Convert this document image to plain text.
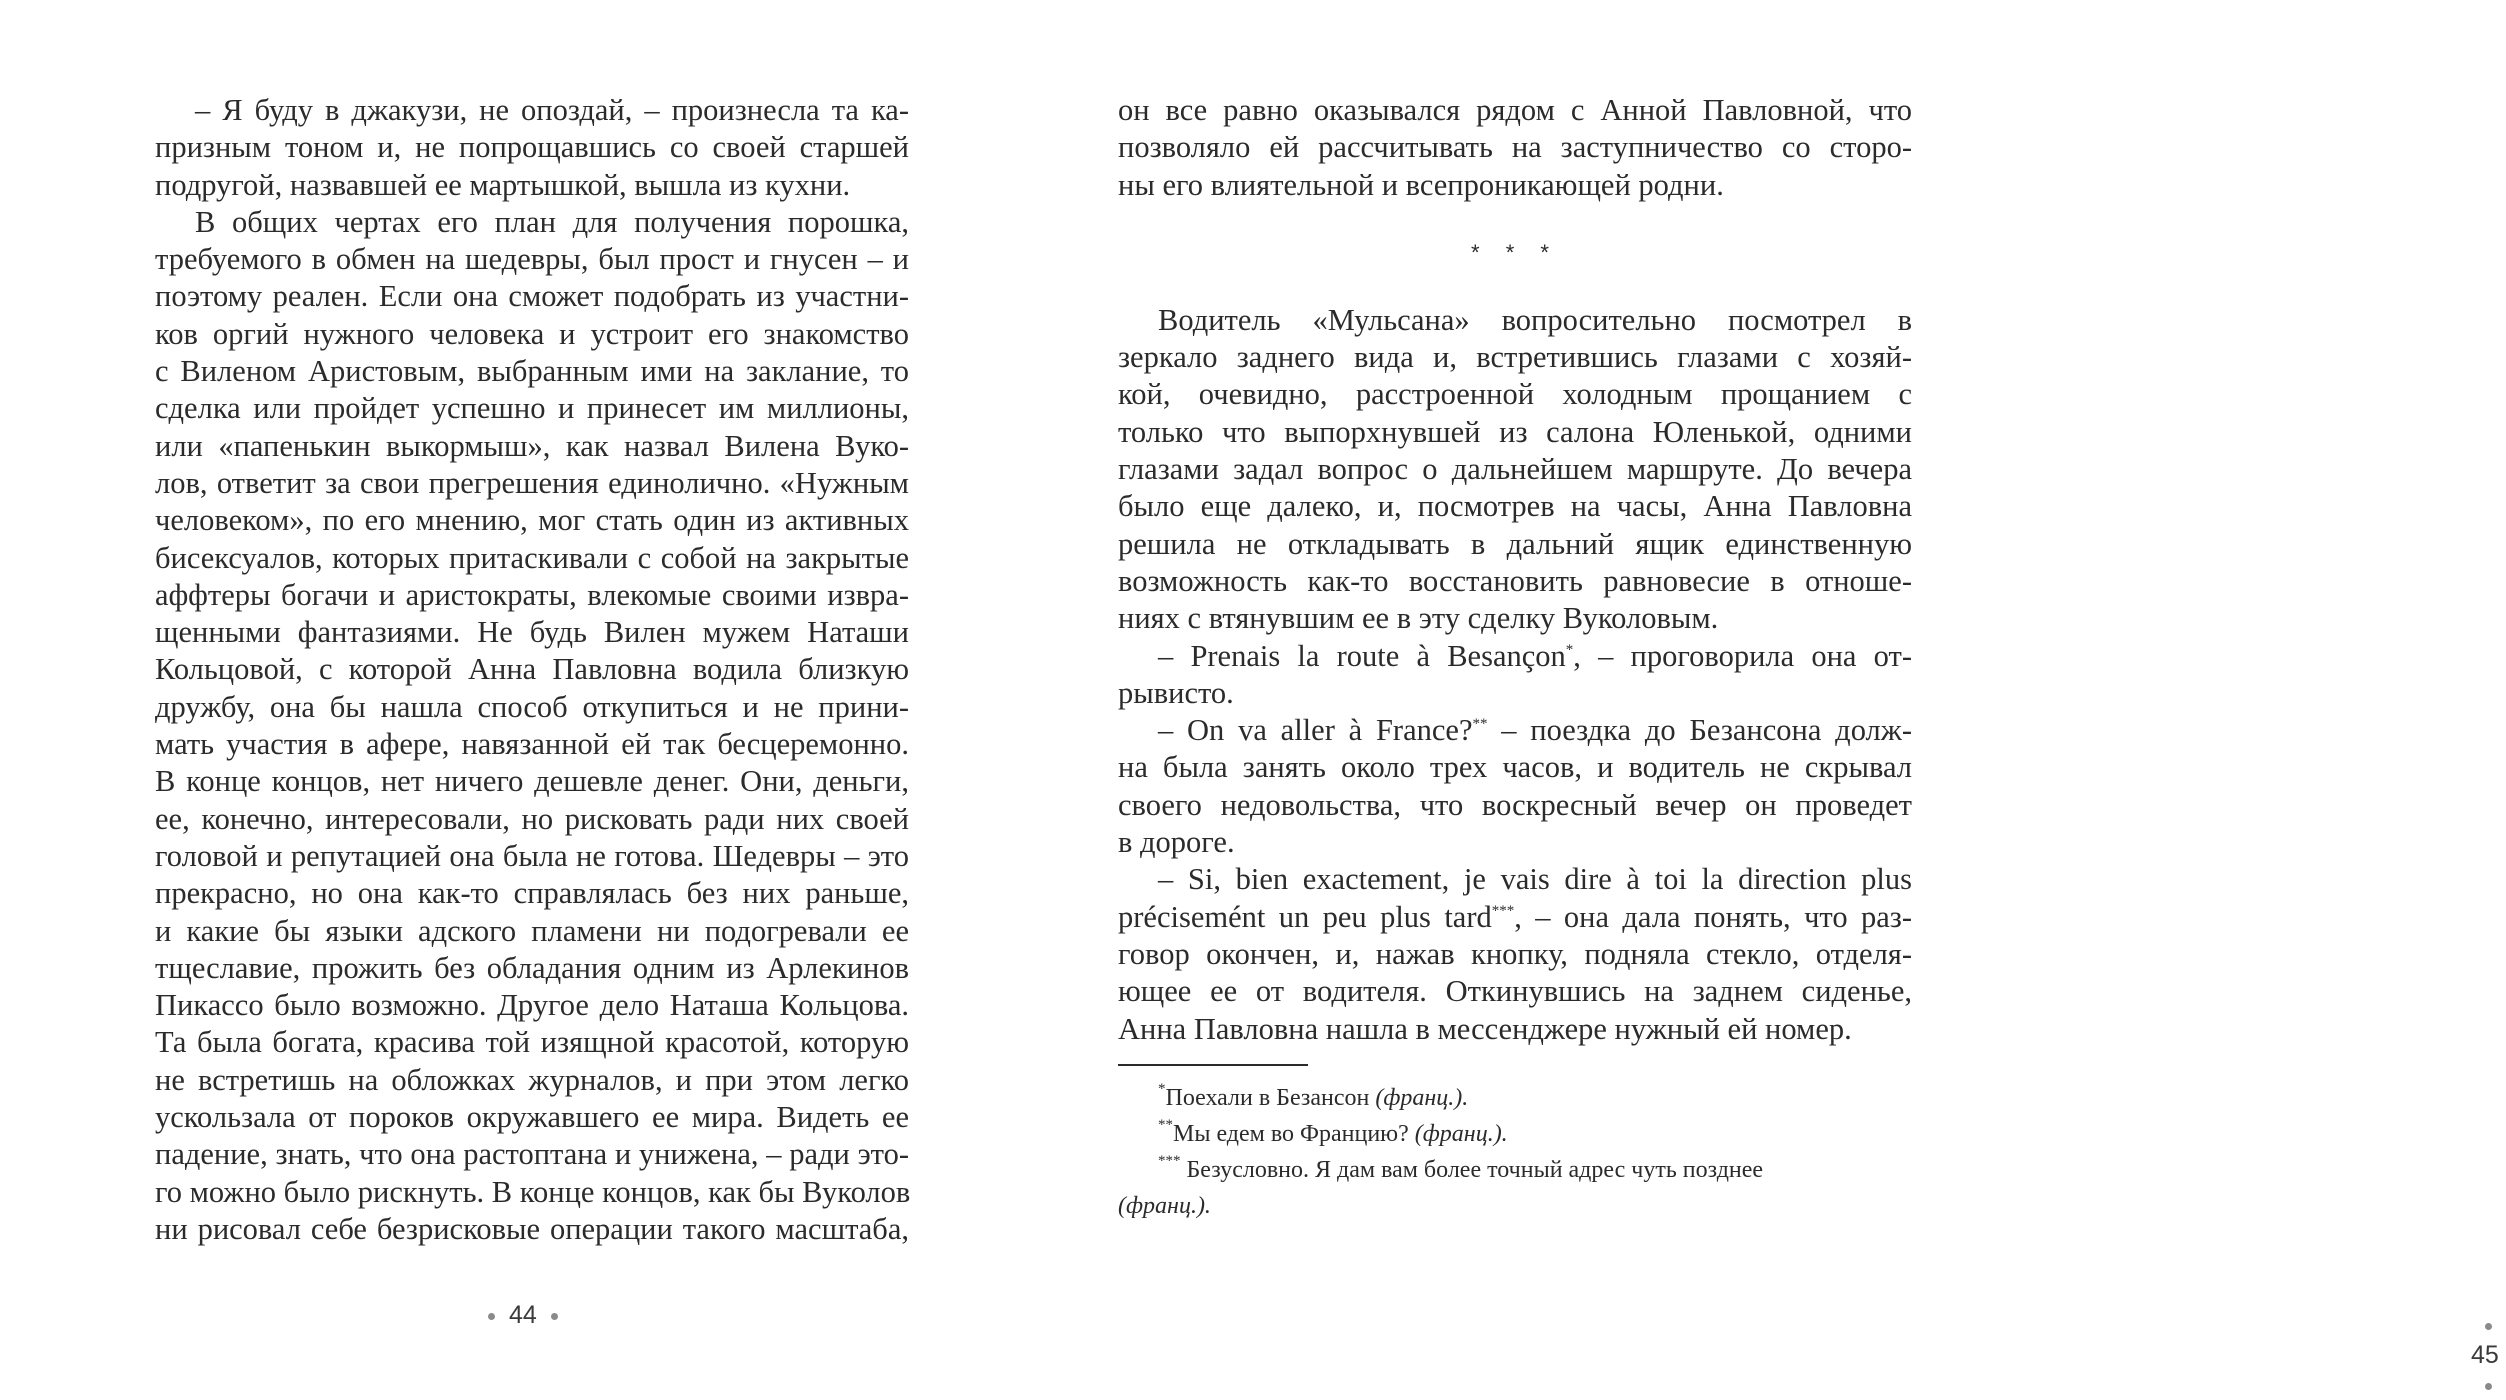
– Я буду в джакузи, не опоздай, – произнесла та ка-
призным тоном и, не попрощавшись со своей старшей
подругой, назвавшей ее мартышкой, вышла из кухни.
В общих чертах его план для получения порошка,
требуемого в обмен на шедевры, был прост и гнусен – и
поэтому реален. Если она сможет подобрать из участни-
ков оргий нужного человека и устроит его знакомство
с Виленом Аристовым, выбранным ими на заклание, то
сделка или пройдет успешно и принесет им миллионы,
или «папенькин выкормыш», как назвал Вилена Вуко-
лов, ответит за свои прегрешения единолично. «Нужным
человеком», по его мнению, мог стать один из активных
бисексуалов, которых притаскивали с собой на закрытые
аффтеры богачи и аристократы, влекомые своими извра-
щенными фантазиями. Не будь Вилен мужем Наташи
Кольцовой, с которой Анна Павловна водила близкую
дружбу, она бы нашла способ откупиться и не прини-
мать участия в афере, навязанной ей так бесцеремонно.
В конце концов, нет ничего дешевле денег. Они, деньги,
ее, конечно, интересовали, но рисковать ради них своей
головой и репутацией она была не готова. Шедевры – это
прекрасно, но она как-то справлялась без них раньше,
и какие бы языки адского пламени ни подогревали ее
тщеславие, прожить без обладания одним из Арлекинов
Пикассо было возможно. Другое дело Наташа Кольцова.
Та была богата, красива той изящной красотой, которую
не встретишь на обложках журналов, и при этом легко
ускользала от пороков окружавшего ее мира. Видеть ее
падение, знать, что она растоптана и унижена, – ради это-
го можно было рискнуть. В конце концов, как бы Вуколов
ни рисовал себе безрисковые операции такого масштаба,
44
он все равно оказывался рядом с Анной Павловной, что
позволяло ей рассчитывать на заступничество со сторо-
ны его влиятельной и всепроникающей родни.
* * *
Водитель «Мульсана» вопросительно посмотрел в
зеркало заднего вида и, встретившись глазами с хозяй-
кой, очевидно, расстроенной холодным прощанием с
только что выпорхнувшей из салона Юленькой, одними
глазами задал вопрос о дальнейшем маршруте. До вечера
было еще далеко, и, посмотрев на часы, Анна Павловна
решила не откладывать в дальний ящик единственную
возможность как-то восстановить равновесие в отноше-
ниях с втянувшим ее в эту сделку Вуколовым.
– Prenais la route à Besançon*, – проговорила она от-
рывисто.
– On va aller à France?** – поездка до Безансона долж-
на была занять около трех часов, и водитель не скрывал
своего недовольства, что воскресный вечер он проведет
в дороге.
– Si, bien exactement, je vais dire à toi la direction plus
précisemént un peu plus tard***, – она дала понять, что раз-
говор окончен, и, нажав кнопку, подняла стекло, отделя-
ющее ее от водителя. Откинувшись на заднем сиденье,
Анна Павловна нашла в мессенджере нужный ей номер.
*Поехали в Безансон (франц.).
**Мы едем во Францию? (франц.).
*** Безусловно. Я дам вам более точный адрес чуть позднее
(франц.).
45
